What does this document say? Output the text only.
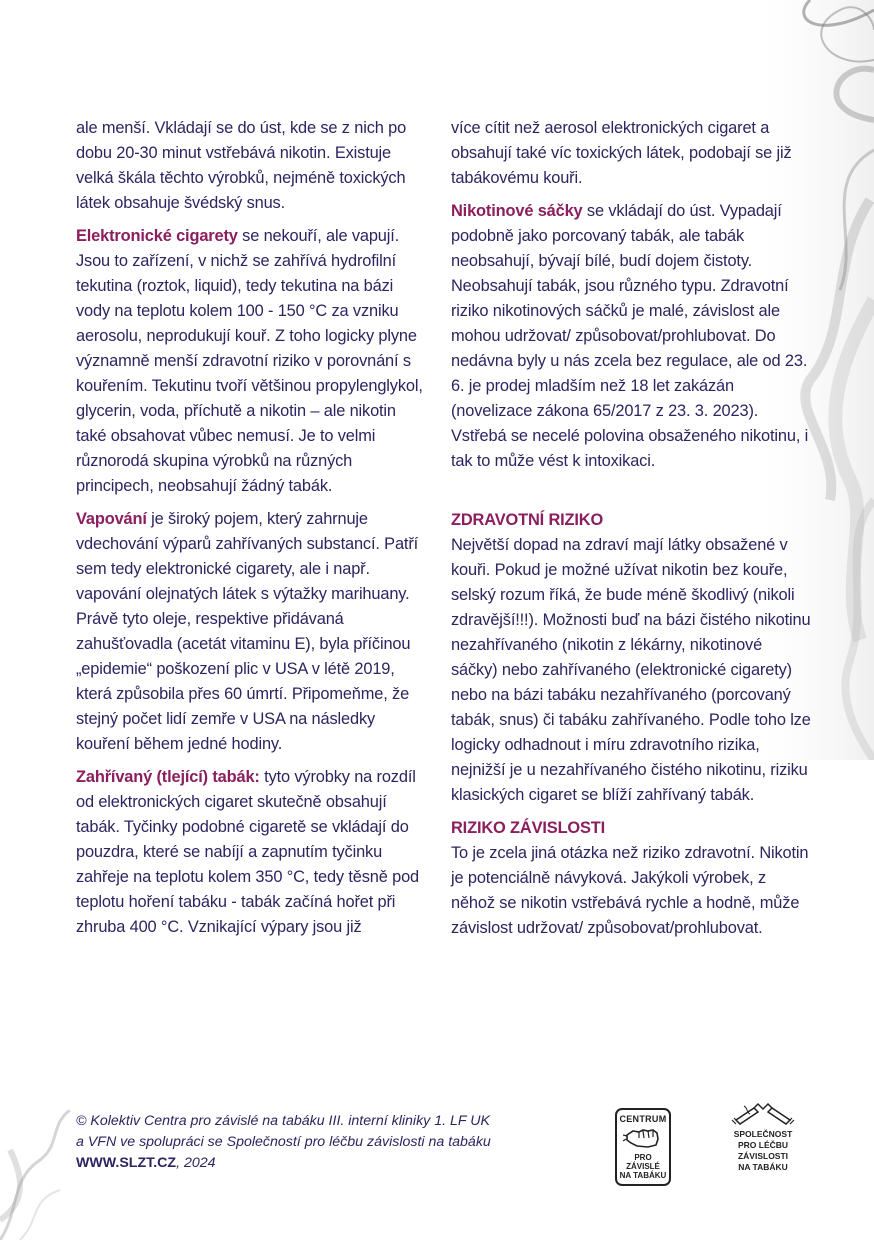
ale menší. Vkládají se do úst, kde se z nich po dobu 20-30 minut vstřebává nikotin. Existuje velká škála těchto výrobků, nejméně toxických látek obsahuje švédský snus.

Elektronické cigarety se nekouří, ale vapují. Jsou to zařízení, v nichž se zahřívá hydrofilní tekutina (roztok, liquid), tedy tekutina na bázi vody na teplotu kolem 100 - 150 °C za vzniku aerosolu, neprodukují kouř. Z toho logicky plyne významně menší zdravotní riziko v porovnání s kouřením. Tekutinu tvoří většinou propylenglykol, glycerin, voda, příchutě a nikotin – ale nikotin také obsahovat vůbec nemusí. Je to velmi různorodá skupina výrobků na různých principech, neobsahují žádný tabák.

Vapování je široký pojem, který zahrnuje vdechování výparů zahřívaných substancí. Patří sem tedy elektronické cigarety, ale i např. vapování olejnatých látek s výtažky marihuany. Právě tyto oleje, respektive přidávaná zahušťovadla (acetát vitaminu E), byla příčinou „epidemie“ poškození plic v USA v létě 2019, která způsobila přes 60 úmrtí. Připomeňme, že stejný počet lidí zemře v USA na následky kouření během jedné hodiny.

Zahřívaný (tlející) tabák: tyto výrobky na rozdíl od elektronických cigaret skutečně obsahují tabák. Tyčinky podobné cigaretě se vkládají do pouzdra, které se nabíjí a zapnutím tyčinku zahřeje na teplotu kolem 350 °C, tedy těsně pod teplotu hoření tabáku - tabák začíná hořet při zhruba 400 °C. Vznikající výpary jsou již

více cítit než aerosol elektronických cigaret a obsahují také víc toxických látek, podobají se již tabákovému kouři.

Nikotinové sáčky se vkládají do úst. Vypadají podobně jako porcovaný tabák, ale tabák neobsahují, bývají bílé, budí dojem čistoty. Neobsahují tabák, jsou různého typu. Zdravotní riziko nikotinových sáčků je malé, závislost ale mohou udržovat/ způsobovat/prohlubovat. Do nedávna byly u nás zcela bez regulace, ale od 23. 6. je prodej mladším než 18 let zakázán (novelizace zákona 65/2017 z 23. 3. 2023). Vstřebá se necelé polovina obsaženého nikotinu, i tak to může vést k intoxikaci.

ZDRAVOTNÍ RIZIKO

Největší dopad na zdraví mají látky obsažené v kouři. Pokud je možné užívat nikotin bez kouře, selský rozum říká, že bude méně škodlivý (nikoli zdravější!!!). Možnosti buď na bázi čistého nikotinu nezahřívaného (nikotin z lékárny, nikotinové sáčky) nebo zahřívaného (elektronické cigarety) nebo na bázi tabáku nezahřívaného (porcovaný tabák, snus) či tabáku zahřívaného. Podle toho lze logicky odhadnout i míru zdravotního rizika, nejnižší je u nezahřívaného čistého nikotinu, riziku klasických cigaret se blíží zahřívaný tabák.

RIZIKO ZÁVISLOSTI

To je zcela jiná otázka než riziko zdravotní. Nikotin je potenciálně návyková. Jakýkoli výrobek, z něhož se nikotin vstřebává rychle a hodně, může závislost udržovat/ způsobovat/prohlubovat.

© Kolektiv Centra pro závislé na tabáku III. interní kliniky 1. LF UK
a VFN ve spolupráci se Společností pro léčbu závislosti na tabáku
WWW.SLZT.CZ, 2024
CENTRUM
PRO ZÁVISLÉ
NA TABÁKU
SPOLEČNOST
PRO LÉČBU
ZÁVISLOSTI
NA TABÁKU
